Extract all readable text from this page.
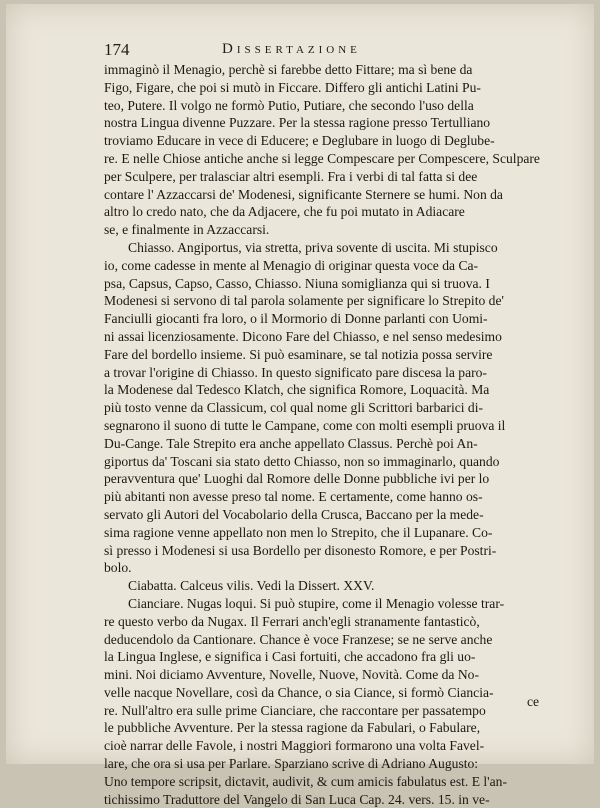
174	Dissertazione
immaginò il Menagio, perchè si farebbe detto Fittare; ma sì bene da
Figo, Figare, che poi si mutò in Ficcare. Differo gli antichi Latini Pu-
teo, Putere. Il volgo ne formò Putio, Putiare, che secondo l'uso della
nostra Lingua divenne Puzzare. Per la stessa ragione presso Tertulliano
troviamo Educare in vece di Educere; e Deglubare in luogo di Deglube-
re. E nelle Chiose antiche anche si legge Compescare per Compescere, Sculpare
per Sculpere, per tralasciar altri esempli. Fra i verbi di tal fatta si dee
contare l' Azzaccarsi de' Modenesi, significante Sternere se humi. Non da
altro lo credo nato, che da Adjacere, che fu poi mutato in Adiacare
se, e finalmente in Azzaccarsi.
Chiasso. Angiportus, via stretta, priva sovente di uscita. Mi stupisco
io, come cadesse in mente al Menagio di originar questa voce da Ca-
psa, Capsus, Capso, Casso, Chiasso. Niuna somiglianza qui si truova. I
Modenesi si servono di tal parola solamente per significare lo Strepito de'
Fanciulli giocanti fra loro, o il Mormorio di Donne parlanti con Uomi-
ni assai licenziosamente. Dicono Fare del Chiasso, e nel senso medesimo
Fare del bordello insieme. Si può esaminare, se tal notizia possa servire
a trovar l'origine di Chiasso. In questo significato pare discesa la paro-
la Modenese dal Tedesco Klatch, che significa Romore, Loquacità. Ma
più tosto venne da Classicum, col qual nome gli Scrittori barbarici di-
segnarono il suono di tutte le Campane, come con molti esempli pruova il
Du-Cange. Tale Strepito era anche appellato Classus. Perchè poi An-
giportus da' Toscani sia stato detto Chiasso, non so immaginarlo, quando
peravventura que' Luoghi dal Romore delle Donne pubbliche ivi per lo
più abitanti non avesse preso tal nome. E certamente, come hanno os-
servato gli Autori del Vocabolario della Crusca, Baccano per la mede-
sima ragione venne appellato non men lo Strepito, che il Lupanare. Co-
sì presso i Modenesi si usa Bordello per disonesto Romore, e per Postri-
bolo.
Ciabatta. Calceus vilis. Vedi la Dissert. XXV.
Cianciare. Nugas loqui. Si può stupire, come il Menagio volesse trar-
re questo verbo da Nugax. Il Ferrari anch'egli stranamente fantasticò,
deducendolo da Cantionare. Chance è voce Franzese; se ne serve anche
la Lingua Inglese, e significa i Casi fortuiti, che accadono fra gli uo-
mini. Noi diciamo Avventure, Novelle, Nuove, Novità. Come da No-
velle nacque Novellare, così da Chance, o sia Ciance, si formò Ciancia-
re. Null'altro era sulle prime Cianciare, che raccontare per passatempo
le pubbliche Avventure. Per la stessa ragione da Fabulari, o Fabulare,
cioè narrar delle Favole, i nostri Maggiori formarono una volta Favel-
lare, che ora si usa per Parlare. Sparziano scrive di Adriano Augusto:
Uno tempore scripsit, dictavit, audivit, & cum amicis fabulatus est. E l'an-
tichissimo Traduttore del Vangelo di San Luca Cap. 24. vers. 15. in ve-
ce
